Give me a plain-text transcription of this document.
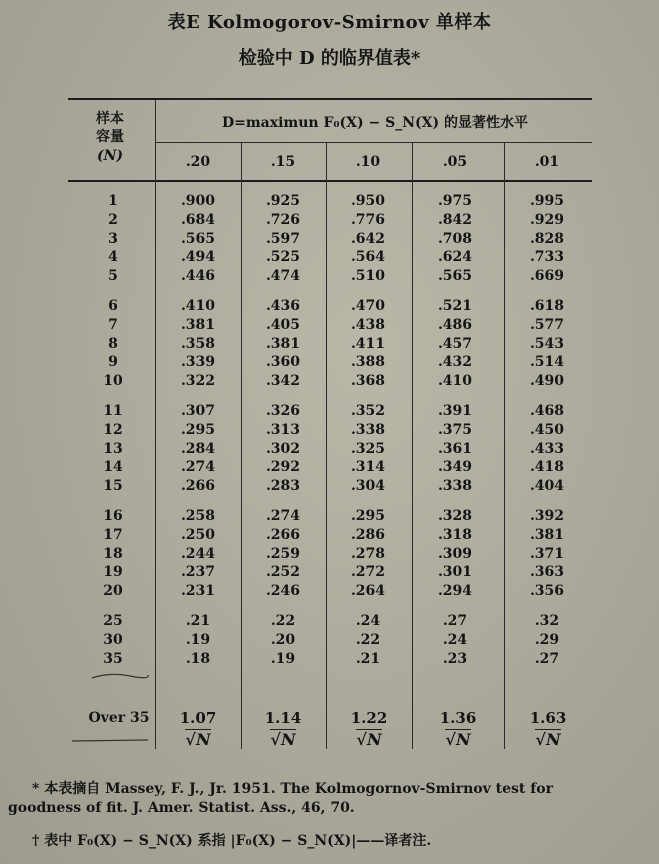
表E Kolmogorov-Smirnov 单样本
检验中 D 的临界值表*
样本
容量
(N)
D=maximun F₀(X) − S_N(X) 的显著性水平
.20	.15	.10	.05	.01
1	.900	.925	.950	.975	.995
2	.684	.726	.776	.842	.929
3	.565	.597	.642	.708	.828
4	.494	.525	.564	.624	.733
5	.446	.474	.510	.565	.669
6	.410	.436	.470	.521	.618
7	.381	.405	.438	.486	.577
8	.358	.381	.411	.457	.543
9	.339	.360	.388	.432	.514
10	.322	.342	.368	.410	.490
11	.307	.326	.352	.391	.468
12	.295	.313	.338	.375	.450
13	.284	.302	.325	.361	.433
14	.274	.292	.314	.349	.418
15	.266	.283	.304	.338	.404
16	.258	.274	.295	.328	.392
17	.250	.266	.286	.318	.381
18	.244	.259	.278	.309	.371
19	.237	.252	.272	.301	.363
20	.231	.246	.264	.294	.356
25	.21	.22	.24	.27	.32
30	.19	.20	.22	.24	.29
35	.18	.19	.21	.23	.27
Over $35 \frac{1.07}{√N} \frac{1.14}{√N} \frac{1.22}{√N} \frac{1.36}{√N} \frac{1.63}{√N}$
* 本表摘自 Massey, F. J., Jr. 1951. The Kolmogornov-Smirnov test for
goodness of fit. J. Amer. Statist. Ass., 46, 70.
† 表中 F₀(X) − S_N(X) 系指 |F₀(X) − S_N(X)|——译者注.
